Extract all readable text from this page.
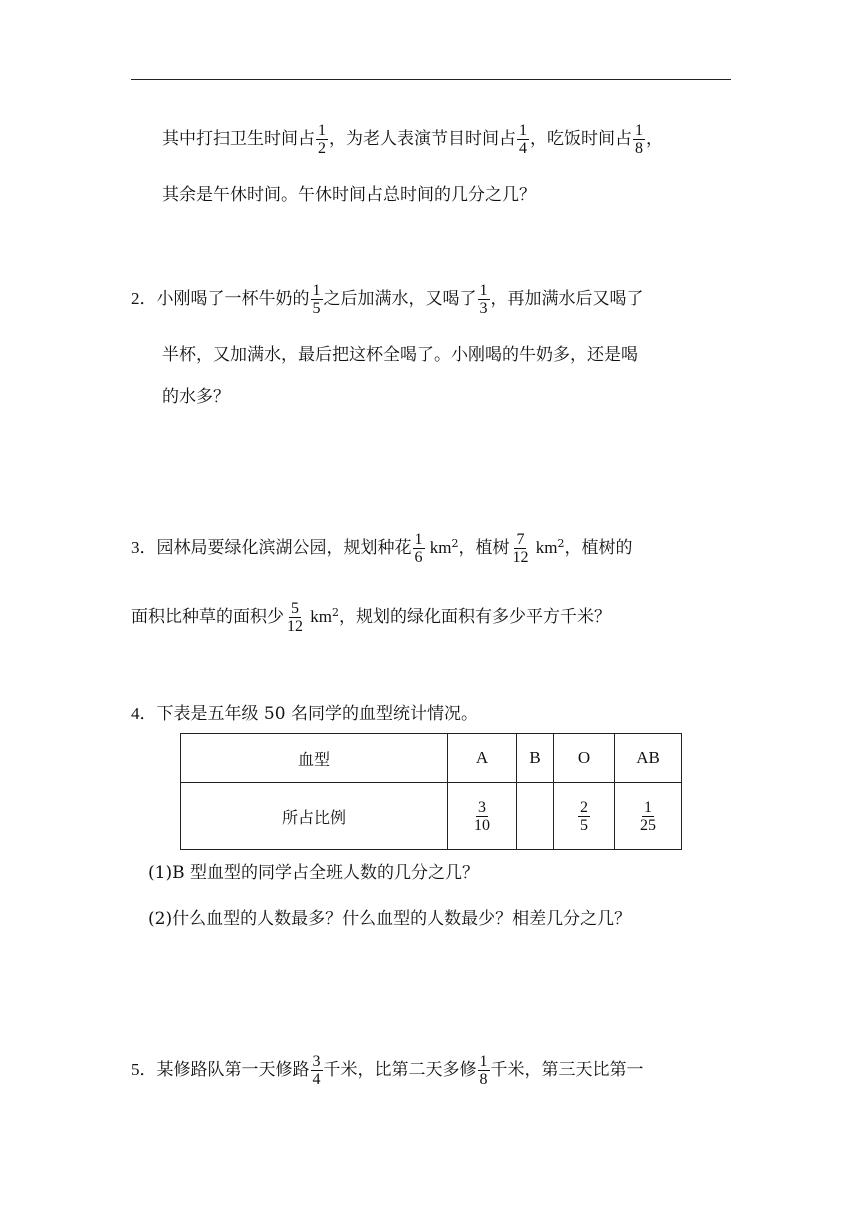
其中打扫卫生时间占 $\frac{1}{2}$ ，为老人表演节目时间占 $\frac{1}{4}$ ，吃饭时间占 $\frac{1}{8}$ ，
其余是午休时间。午休时间占总时间的几分之几？
2．小刚喝了一杯牛奶的 $\frac{1}{5}$ 之后加满水，又喝了 $\frac{1}{3}$ ，再加满水后又喝了
半杯，又加满水，最后把这杯全喝了。小刚喝的牛奶多，还是喝
的水多？
3．园林局要绿化滨湖公园，规划种花 $\frac{1}{6} km^2$，植树 $\frac{7}{12} km^2$，植树的
面积比种草的面积少 $\frac{5}{12} km^2$，规划的绿化面积有多少平方千米？
4．下表是五年级 50 名同学的血型统计情况。
血型	A	B	O	AB
所占比例	$\frac{3}{10}$		$\frac{2}{5}$	$\frac{1}{25}$
(1)B 型血型的同学占全班人数的几分之几？
(2)什么血型的人数最多？什么血型的人数最少？相差几分之几？
5．某修路队第一天修路 $\frac{3}{4}$ 千米，比第二天多修 $\frac{1}{8}$ 千米，第三天比第一
